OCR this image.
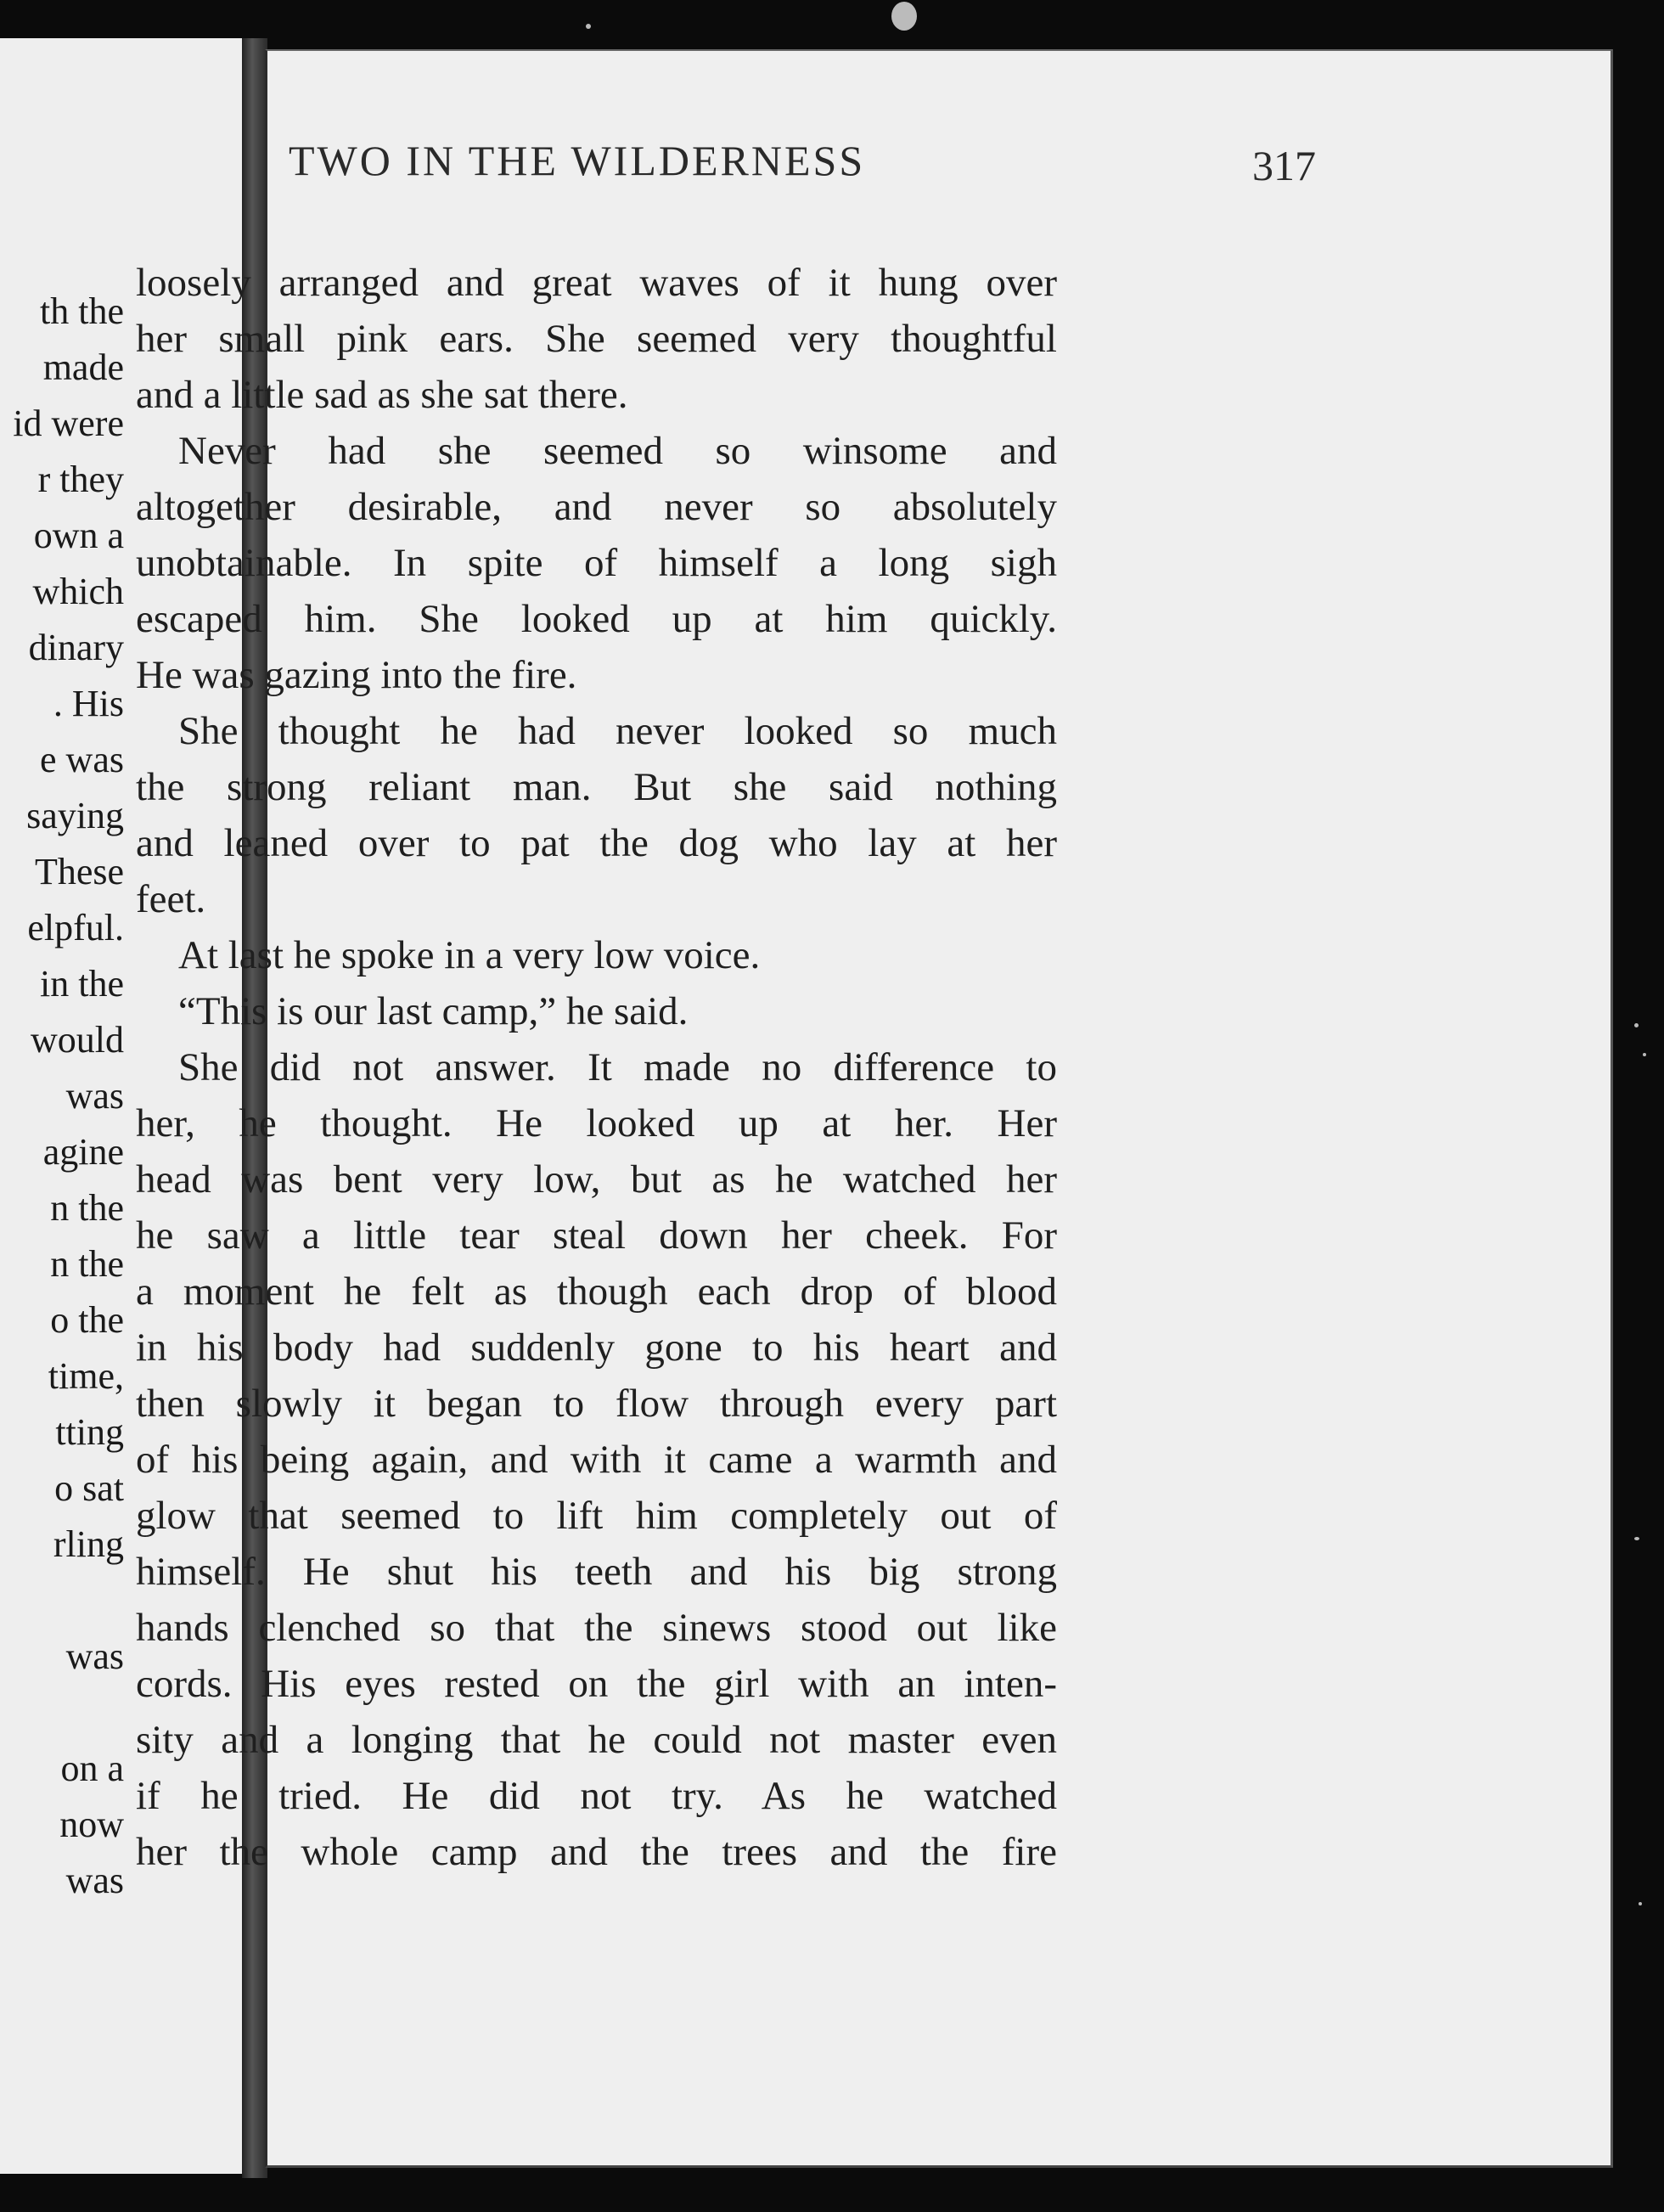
th the
made
id were
r they
own a
which
dinary
. His
e was
saying
These
elpful.
in the
would
was
agine
n the
n the
o the
time,
tting
o sat
rling
was
on a
now
was
TWO IN THE WILDERNESS	317
loosely arranged and great waves of it hung over
her small pink ears. She seemed very thoughtful
and a little sad as she sat there.
Never had she seemed so winsome and
altogether desirable, and never so absolutely
unobtainable. In spite of himself a long sigh
escaped him. She looked up at him quickly.
He was gazing into the fire.
She thought he had never looked so much
the strong reliant man. But she said nothing
and leaned over to pat the dog who lay at her
feet.
At last he spoke in a very low voice.
“This is our last camp,” he said.
She did not answer. It made no difference to
her, he thought. He looked up at her. Her
head was bent very low, but as he watched her
he saw a little tear steal down her cheek. For
a moment he felt as though each drop of blood
in his body had suddenly gone to his heart and
then slowly it began to flow through every part
of his being again, and with it came a warmth and
glow that seemed to lift him completely out of
himself. He shut his teeth and his big strong
hands clenched so that the sinews stood out like
cords. His eyes rested on the girl with an inten-
sity and a longing that he could not master even
if he tried. He did not try. As he watched
her the whole camp and the trees and the fire
